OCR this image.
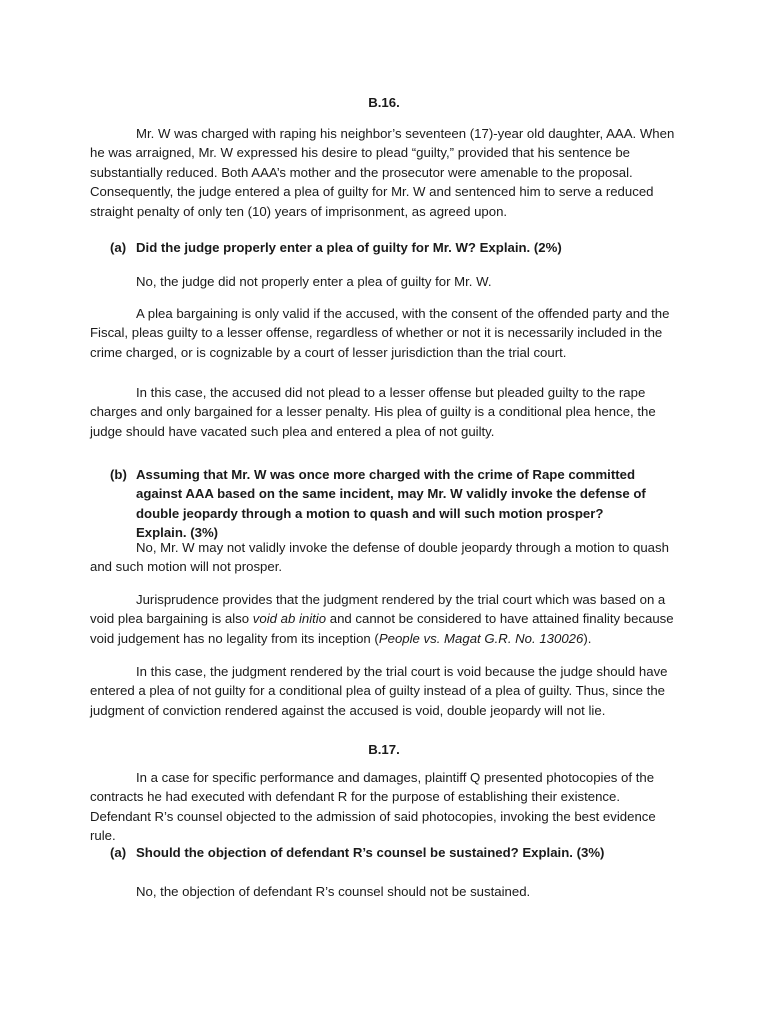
B.16.
Mr. W was charged with raping his neighbor’s seventeen (17)-year old daughter, AAA. When he was arraigned, Mr. W expressed his desire to plead “guilty,” provided that his sentence be substantially reduced. Both AAA’s mother and the prosecutor were amenable to the proposal. Consequently, the judge entered a plea of guilty for Mr. W and sentenced him to serve a reduced straight penalty of only ten (10) years of imprisonment, as agreed upon.
(a) Did the judge properly enter a plea of guilty for Mr. W? Explain. (2%)
No, the judge did not properly enter a plea of guilty for Mr. W.
A plea bargaining is only valid if the accused, with the consent of the offended party and the Fiscal, pleas guilty to a lesser offense, regardless of whether or not it is necessarily included in the crime charged, or is cognizable by a court of lesser jurisdiction than the trial court.
In this case, the accused did not plead to a lesser offense but pleaded guilty to the rape charges and only bargained for a lesser penalty. His plea of guilty is a conditional plea hence, the judge should have vacated such plea and entered a plea of not guilty.
(b) Assuming that Mr. W was once more charged with the crime of Rape committed against AAA based on the same incident, may Mr. W validly invoke the defense of double jeopardy through a motion to quash and will such motion prosper? Explain. (3%)
No, Mr. W may not validly invoke the defense of double jeopardy through a motion to quash and such motion will not prosper.
Jurisprudence provides that the judgment rendered by the trial court which was based on a void plea bargaining is also void ab initio and cannot be considered to have attained finality because void judgement has no legality from its inception (People vs. Magat G.R. No. 130026).
In this case, the judgment rendered by the trial court is void because the judge should have entered a plea of not guilty for a conditional plea of guilty instead of a plea of guilty. Thus, since the judgment of conviction rendered against the accused is void, double jeopardy will not lie.
B.17.
In a case for specific performance and damages, plaintiff Q presented photocopies of the contracts he had executed with defendant R for the purpose of establishing their existence. Defendant R’s counsel objected to the admission of said photocopies, invoking the best evidence rule.
(a) Should the objection of defendant R’s counsel be sustained? Explain. (3%)
No, the objection of defendant R’s counsel should not be sustained.
